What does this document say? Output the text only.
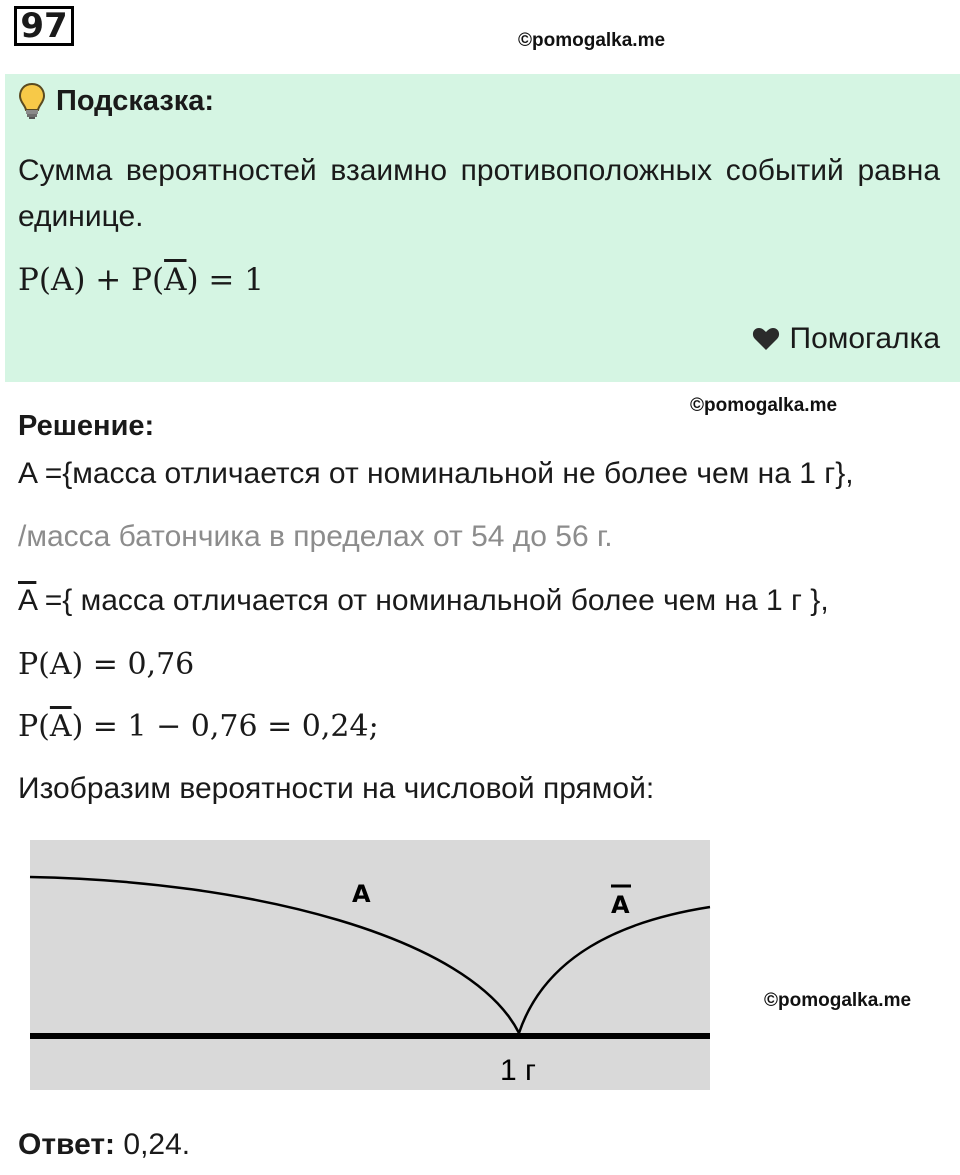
97	©pomogalka.me
Подсказка:
Сумма вероятностей взаимно противоположных событий равна единице.
$P(A) + P(\overline{A}) = 1$
Помогалка
©pomogalka.me
Решение:
A ={масса отличается от номинальной не более чем на 1 г},
/масса батончика в пределах от 54 до 56 г.
$\overline{A}$ ={ масса отличается от номинальной более чем на 1 г },
P(A) = 0,76
$P(\overline{A}) = 1 - 0,76 = 0,24$;
Изобразим вероятности на числовой прямой:
A	A
1 г
©pomogalka.me
Ответ: 0,24.
